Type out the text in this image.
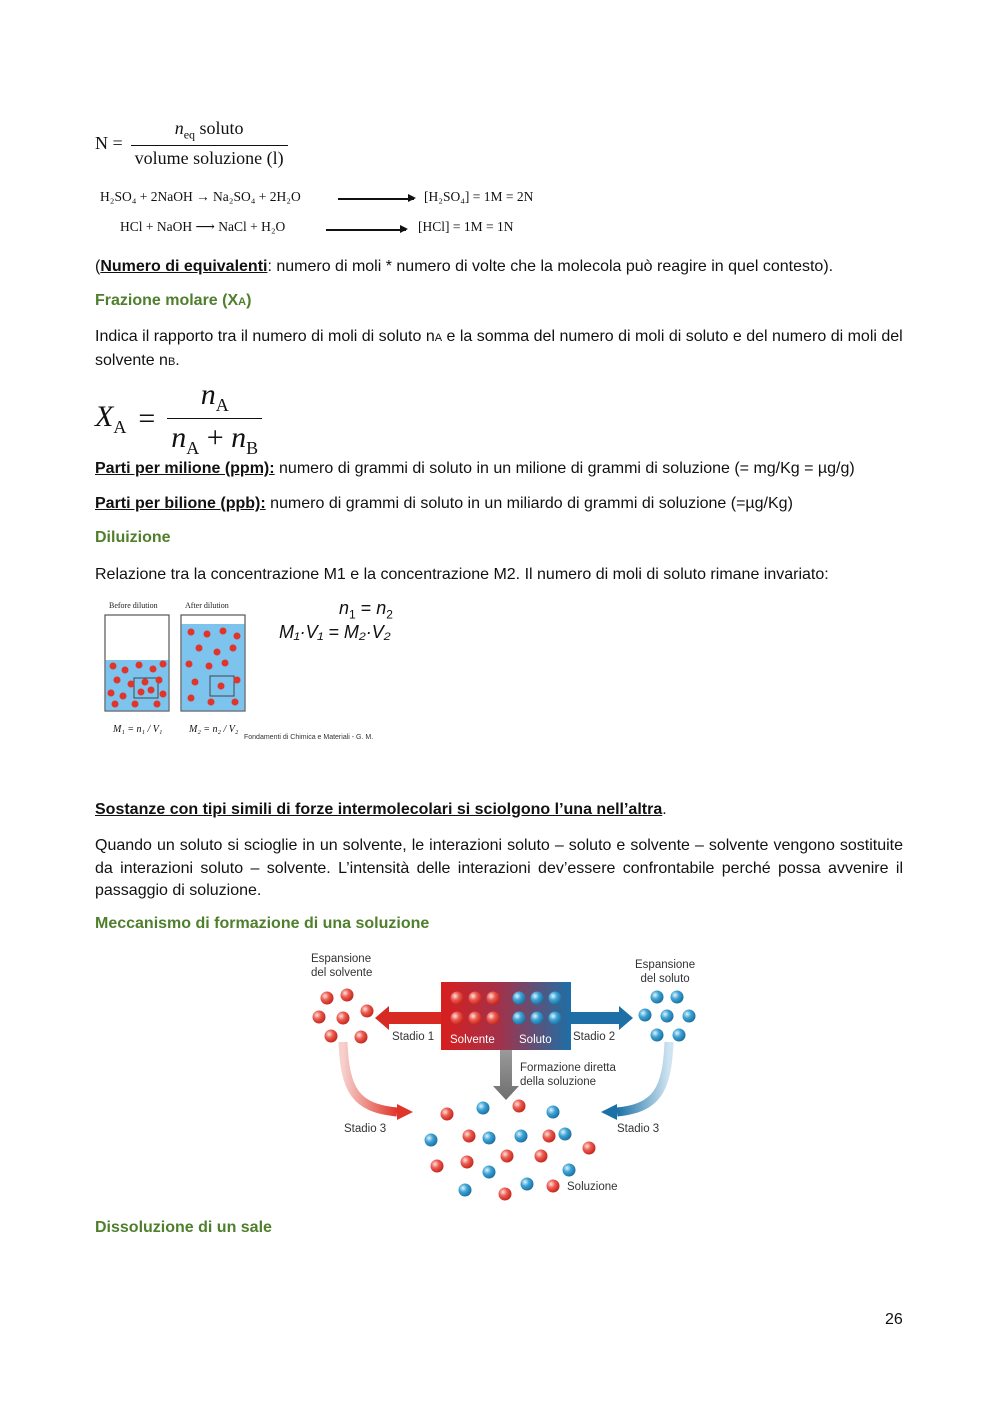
$N = \frac{n_{eq} soluto}{\text{volume soluzione (l)}}$
H₂SO₄ + 2NaOH → Na₂SO₄ + 2H₂O	[H₂SO₄] = 1M = 2N
HCl + NaOH ⟶ NaCl + H₂O	[HCl] = 1M = 1N

(Numero di equivalenti: numero di moli * numero di volte che la molecola può reagire in quel contesto).

Frazione molare (XA)

Indica il rapporto tra il numero di moli di soluto nA e la somma del numero di moli di soluto e del numero di moli del solvente nB.

$X_A = \frac{n_A}{n_A + n_B}$

Parti per milione (ppm): numero di grammi di soluto in un milione di grammi di soluzione (= mg/Kg = µg/g)

Parti per bilione (ppb): numero di grammi di soluto in un miliardo di grammi di soluzione (=µg/Kg)

Diluizione

Relazione tra la concentrazione M1 e la concentrazione M2. Il numero di moli di soluto rimane invariato:

Before dilution	After dilution	$n_1 = n_2$
M₁·V₁ = M₂·V₂
M₁ = n₁ / V₁	M₂ = n₂ / V₂
Fondamenti di Chimica e Materiali - G. M.

Sostanze con tipi simili di forze intermolecolari si sciolgono l’una nell’altra.

Quando un soluto si scioglie in un solvente, le interazioni soluto – soluto e solvente – solvente vengono sostituite da interazioni soluto – solvente. L’intensità delle interazioni dev’essere confrontabile perché possa avvenire il passaggio di soluzione.

Meccanismo di formazione di una soluzione

Espansione
del solvente
Espansione
del soluto
Stadio 1	Stadio 2
Solvente Soluto
Formazione diretta
della soluzione
Stadio 3	Stadio 3
Soluzione

Dissoluzione di un sale

26
